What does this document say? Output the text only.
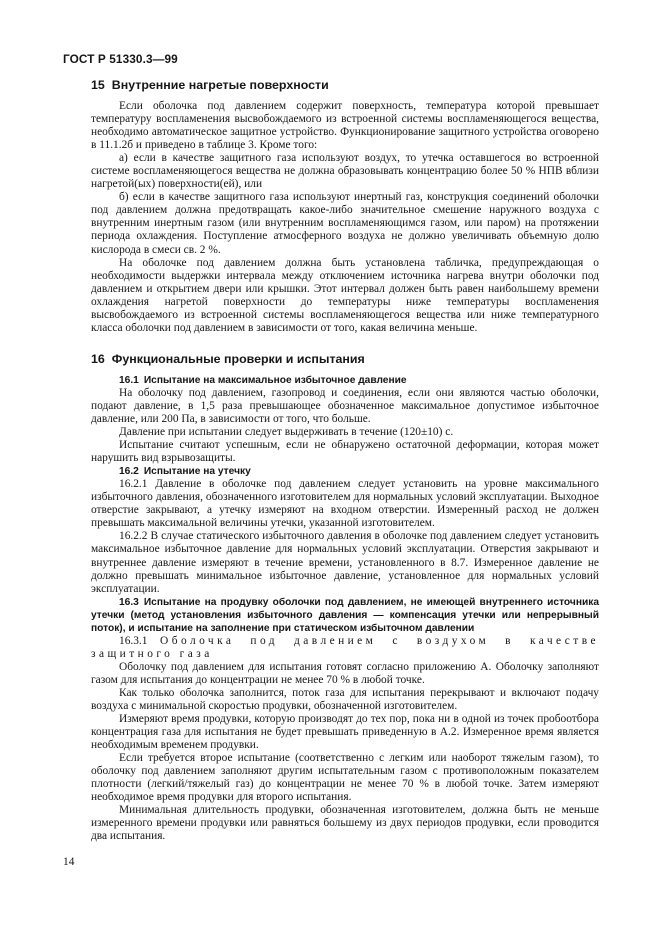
ГОСТ Р 51330.3—99
15 Внутренние нагретые поверхности

Если оболочка под давлением содержит поверхность, температура которой превышает температуру воспламенения высвобождаемого из встроенной системы воспламеняющегося вещества, необходимо автоматическое защитное устройство. Функционирование защитного устройства оговорено в 11.1.2б и приведено в таблице 3. Кроме того:

а) если в качестве защитного газа используют воздух, то утечка оставшегося во встроенной системе воспламеняющегося вещества не должна образовывать концентрацию более 50 % НПВ вблизи нагретой(ых) поверхности(ей), или

б) если в качестве защитного газа используют инертный газ, конструкция соединений оболочки под давлением должна предотвращать какое-либо значительное смешение наружного воздуха с внутренним инертным газом (или внутренним воспламеняющимся газом, или паром) на протяжении периода охлаждения. Поступление атмосферного воздуха не должно увеличивать объемную долю кислорода в смеси св. 2 %.

На оболочке под давлением должна быть установлена табличка, предупреждающая о необходимости выдержки интервала между отключением источника нагрева внутри оболочки под давлением и открытием двери или крышки. Этот интервал должен быть равен наибольшему времени охлаждения нагретой поверхности до температуры ниже температуры воспламенения высвобождаемого из встроенной системы воспламеняющегося вещества или ниже температурного класса оболочки под давлением в зависимости от того, какая величина меньше.

16 Функциональные проверки и испытания
16.1 Испытание на максимальное избыточное давление

На оболочку под давлением, газопровод и соединения, если они являются частью оболочки, подают давление, в 1,5 раза превышающее обозначенное максимальное допустимое избыточное давление, или 200 Па, в зависимости от того, что больше.

Давление при испытании следует выдерживать в течение (120±10) с.

Испытание считают успешным, если не обнаружено остаточной деформации, которая может нарушить вид взрывозащиты.

16.2 Испытание на утечку

16.2.1 Давление в оболочке под давлением следует установить на уровне максимального избыточного давления, обозначенного изготовителем для нормальных условий эксплуатации. Выходное отверстие закрывают, а утечку измеряют на входном отверстии. Измеренный расход не должен превышать максимальной величины утечки, указанной изготовителем.

16.2.2 В случае статического избыточного давления в оболочке под давлением следует установить максимальное избыточное давление для нормальных условий эксплуатации. Отверстия закрывают и внутреннее давление измеряют в течение времени, установленного в 8.7. Измеренное давление не должно превышать минимальное избыточное давление, установленное для нормальных условий эксплуатации.

16.3 Испытание на продувку оболочки под давлением, не имеющей внутреннего источника утечки (метод установления избыточного давления — компенсация утечки или непрерывный поток), и испытание на заполнение при статическом избыточном давлении

16.3.1 Оболочка под давлением с воздухом в качестве защитного газа

Оболочку под давлением для испытания готовят согласно приложению А. Оболочку заполняют газом для испытания до концентрации не менее 70 % в любой точке.

Как только оболочка заполнится, поток газа для испытания перекрывают и включают подачу воздуха с минимальной скоростью продувки, обозначенной изготовителем.

Измеряют время продувки, которую производят до тех пор, пока ни в одной из точек пробоотбора концентрация газа для испытания не будет превышать приведенную в А.2. Измеренное время является необходимым временем продувки.

Если требуется второе испытание (соответственно с легким или наоборот тяжелым газом), то оболочку под давлением заполняют другим испытательным газом с противоположным показателем плотности (легкий/тяжелый газ) до концентрации не менее 70 % в любой точке. Затем измеряют необходимое время продувки для второго испытания.

Минимальная длительность продувки, обозначенная изготовителем, должна быть не меньше измеренного времени продувки или равняться большему из двух периодов продувки, если проводится два испытания.

14
